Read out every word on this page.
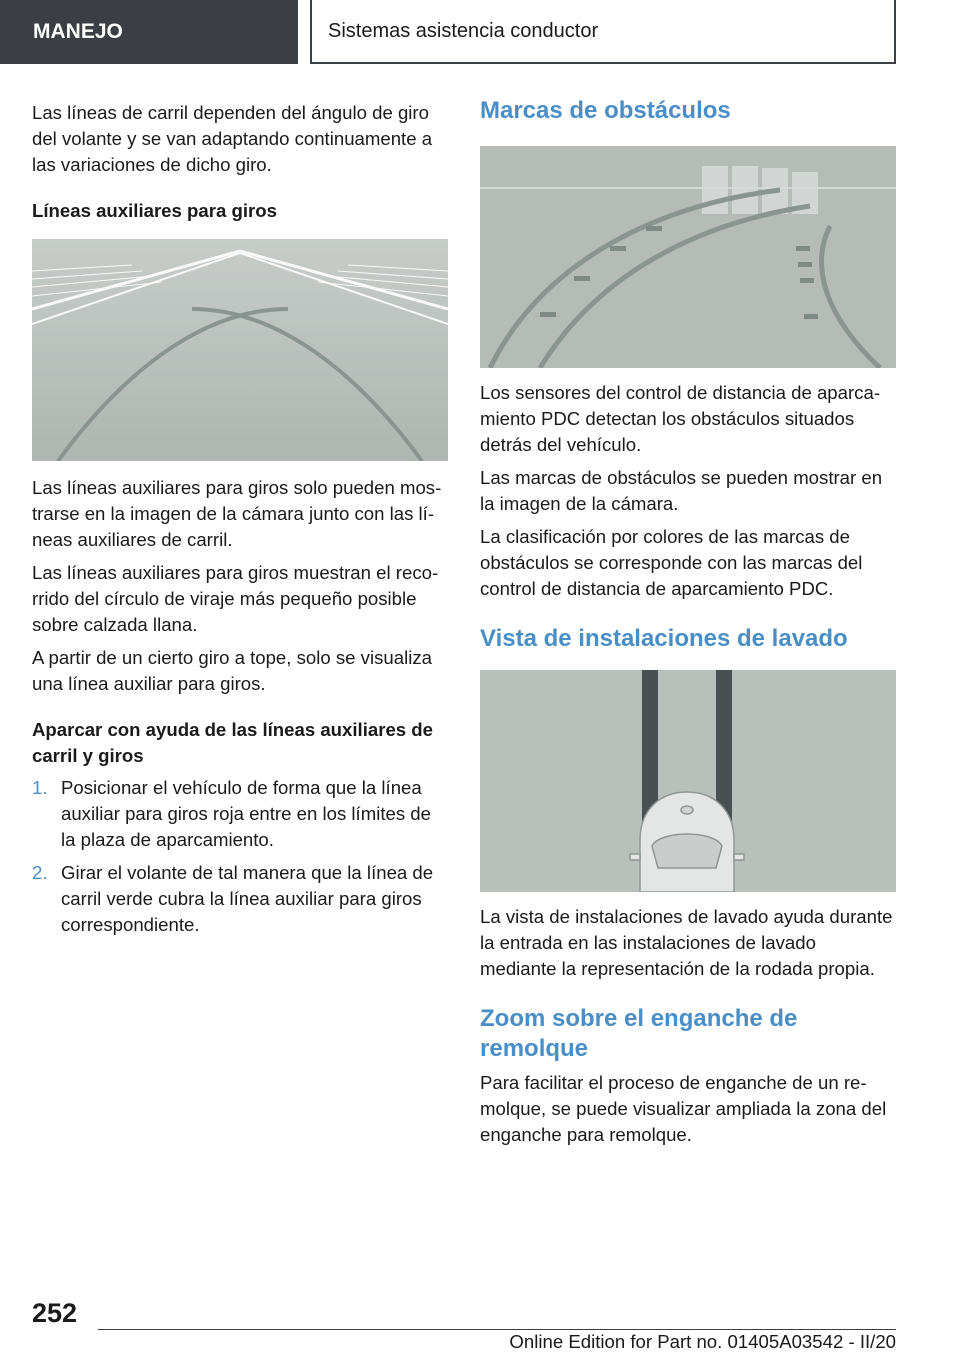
MANEJO	Sistemas asistencia conductor

Las líneas de carril dependen del ángulo de giro del volante y se van adaptando continuamente a las variaciones de dicho giro.

Líneas auxiliares para giros

Las líneas auxiliares para giros solo pueden mostrarse en la imagen de la cámara junto con las líneas auxiliares de carril.

Las líneas auxiliares para giros muestran el recorrido del círculo de viraje más pequeño posible sobre calzada llana.

A partir de un cierto giro a tope, solo se visualiza una línea auxiliar para giros.

Aparcar con ayuda de las líneas auxiliares de carril y giros
1. Posicionar el vehículo de forma que la línea auxiliar para giros roja entre en los límites de la plaza de aparcamiento.
2. Girar el volante de tal manera que la línea de carril verde cubra la línea auxiliar para giros correspondiente.
Marcas de obstáculos

Los sensores del control de distancia de aparcamiento PDC detectan los obstáculos situados detrás del vehículo.

Las marcas de obstáculos se pueden mostrar en la imagen de la cámara.

La clasificación por colores de las marcas de obstáculos se corresponde con las marcas del control de distancia de aparcamiento PDC.

Vista de instalaciones de lavado

La vista de instalaciones de lavado ayuda durante la entrada en las instalaciones de lavado mediante la representación de la rodada propia.

Zoom sobre el enganche de remolque

Para facilitar el proceso de enganche de un remolque, se puede visualizar ampliada la zona del enganche para remolque.

252
Online Edition for Part no. 01405A03542 - II/20
